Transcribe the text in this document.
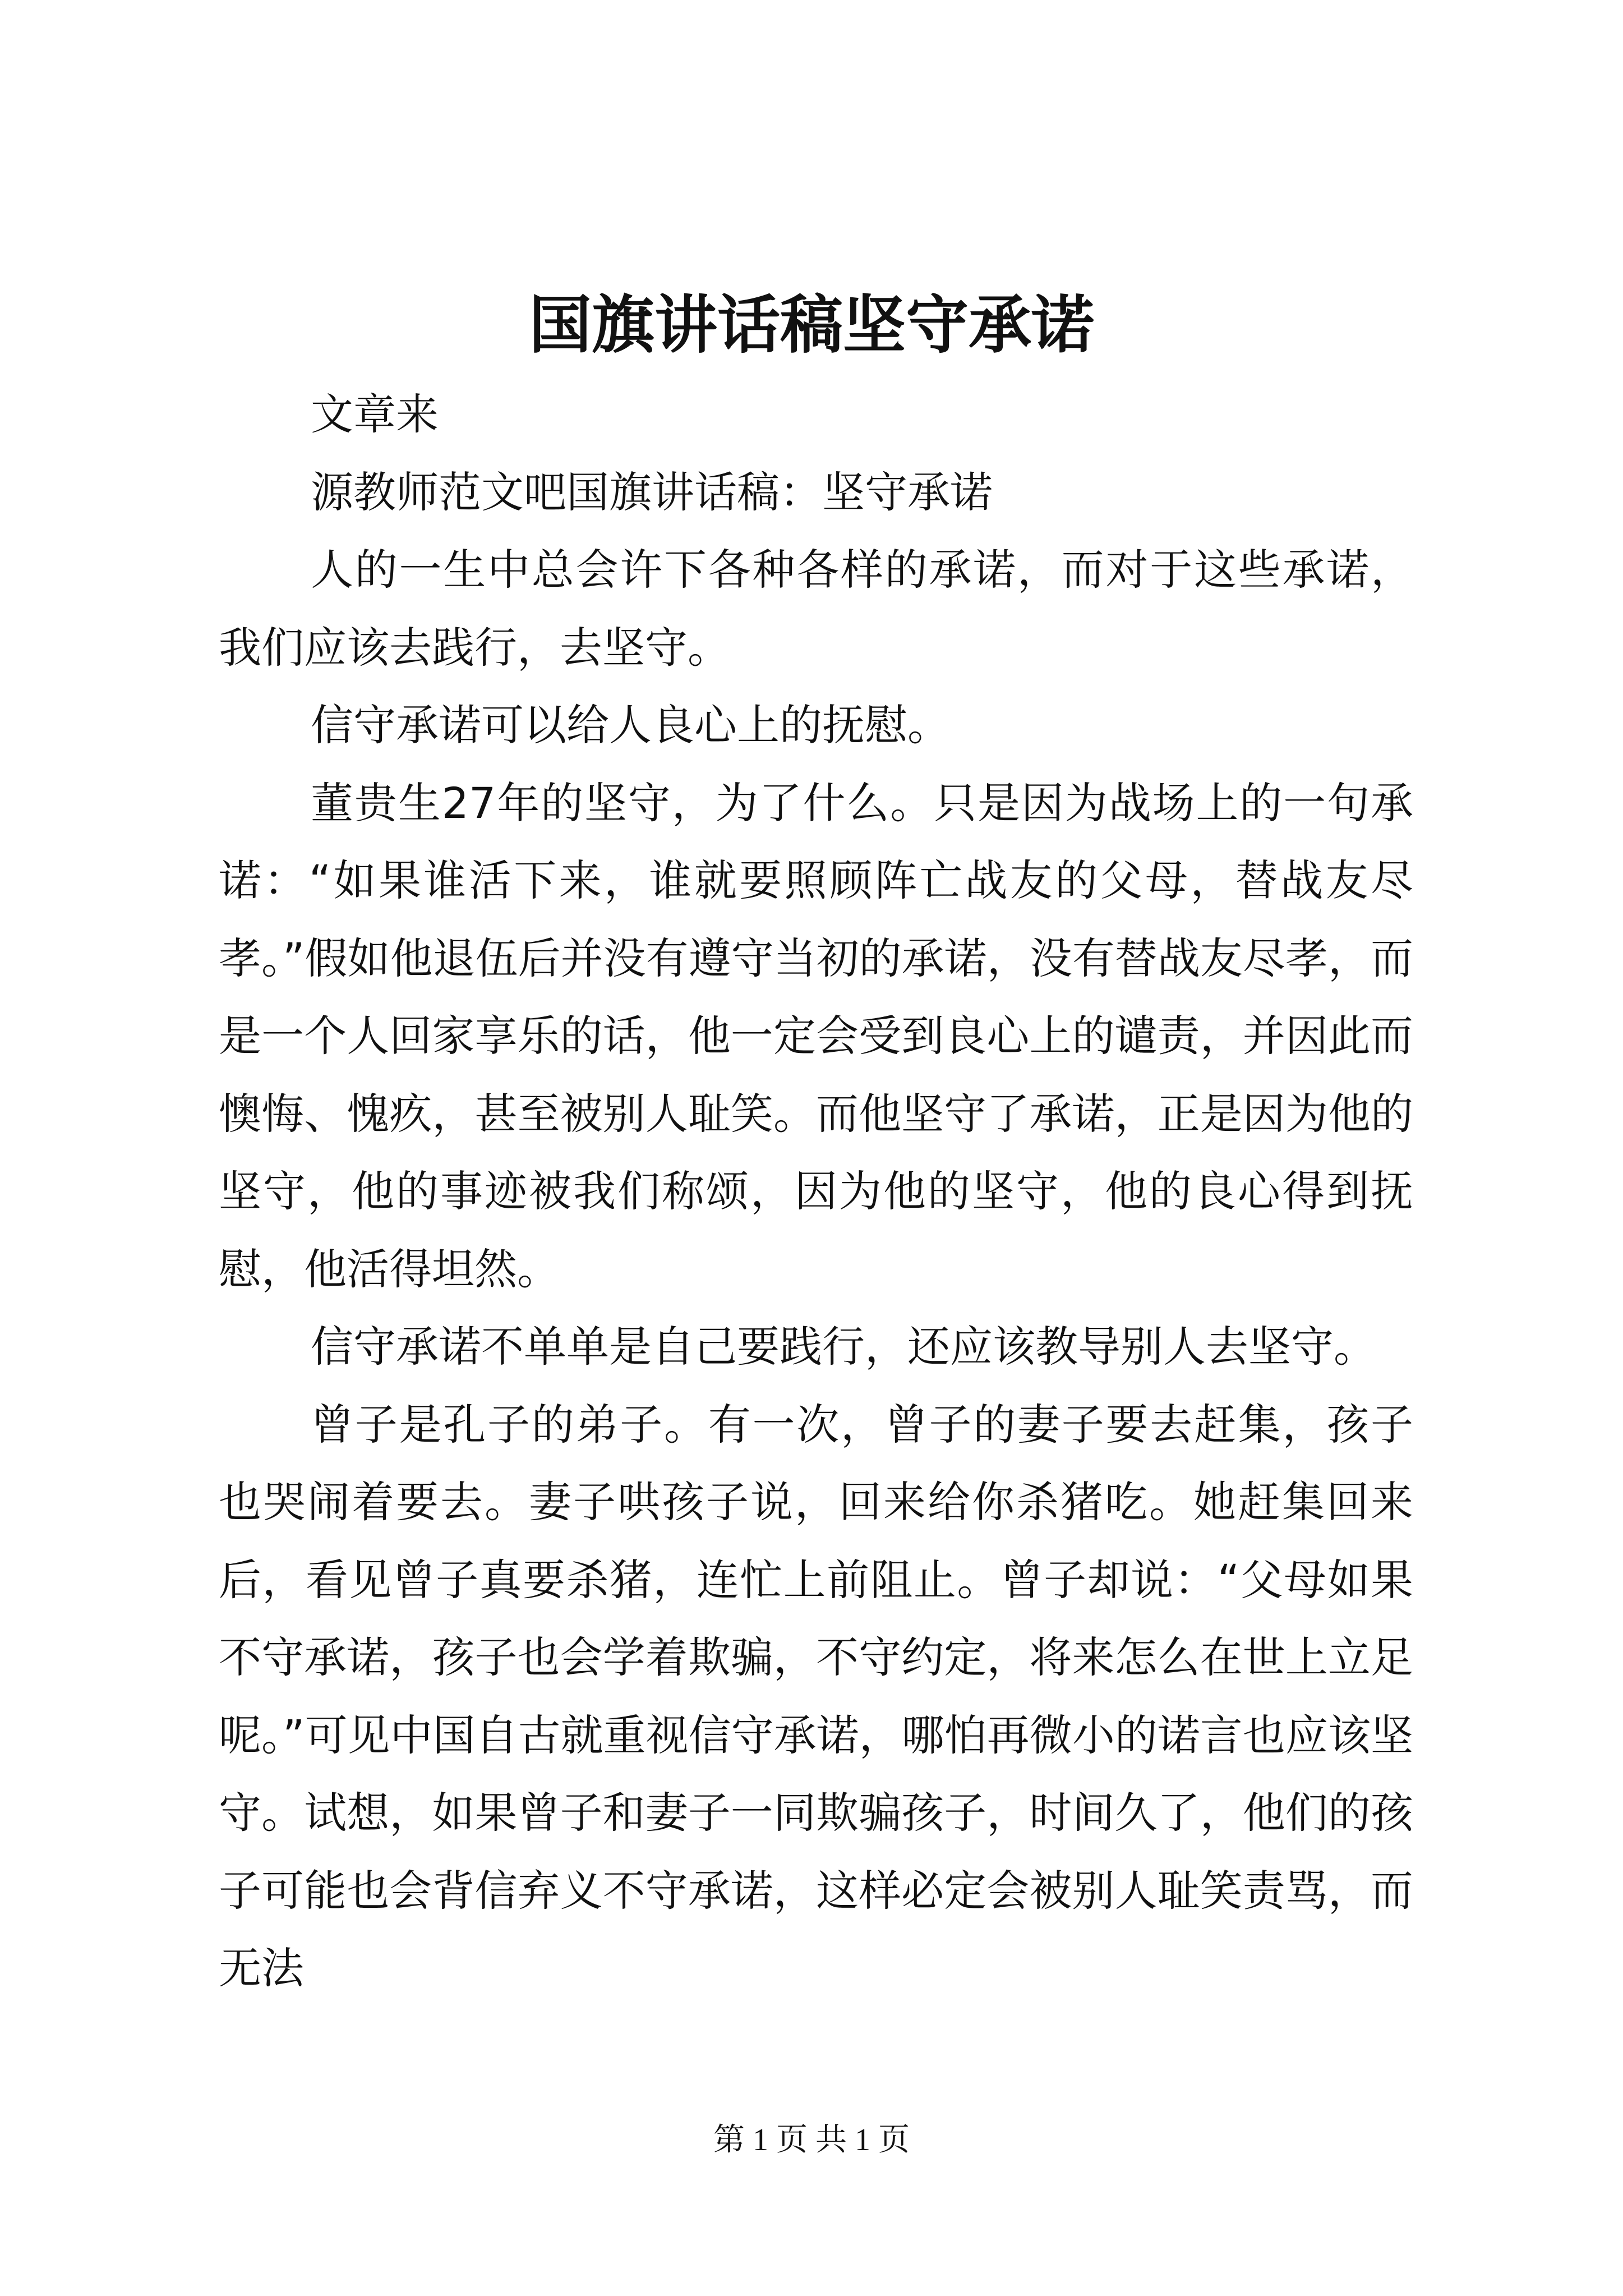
国旗讲话稿坚守承诺

文章来

源教师范文吧国旗讲话稿：坚守承诺

人的一生中总会许下各种各样的承诺，而对于这些承诺，我们应该去践行，去坚守。

信守承诺可以给人良心上的抚慰。

董贵生27年的坚守，为了什么。只是因为战场上的一句承诺：“如果谁活下来，谁就要照顾阵亡战友的父母，替战友尽孝。”假如他退伍后并没有遵守当初的承诺，没有替战友尽孝，而是一个人回家享乐的话，他一定会受到良心上的谴责，并因此而懊悔、愧疚，甚至被别人耻笑。而他坚守了承诺，正是因为他的坚守，他的事迹被我们称颂，因为他的坚守，他的良心得到抚慰，他活得坦然。

信守承诺不单单是自己要践行，还应该教导别人去坚守。

曾子是孔子的弟子。有一次，曾子的妻子要去赶集，孩子也哭闹着要去。妻子哄孩子说，回来给你杀猪吃。她赶集回来后，看见曾子真要杀猪，连忙上前阻止。曾子却说：“父母如果不守承诺，孩子也会学着欺骗，不守约定，将来怎么在世上立足呢。”可见中国自古就重视信守承诺，哪怕再微小的诺言也应该坚守。试想，如果曾子和妻子一同欺骗孩子，时间久了，他们的孩子可能也会背信弃义不守承诺，这样必定会被别人耻笑责骂，而无法

第 1 页 共 1 页
